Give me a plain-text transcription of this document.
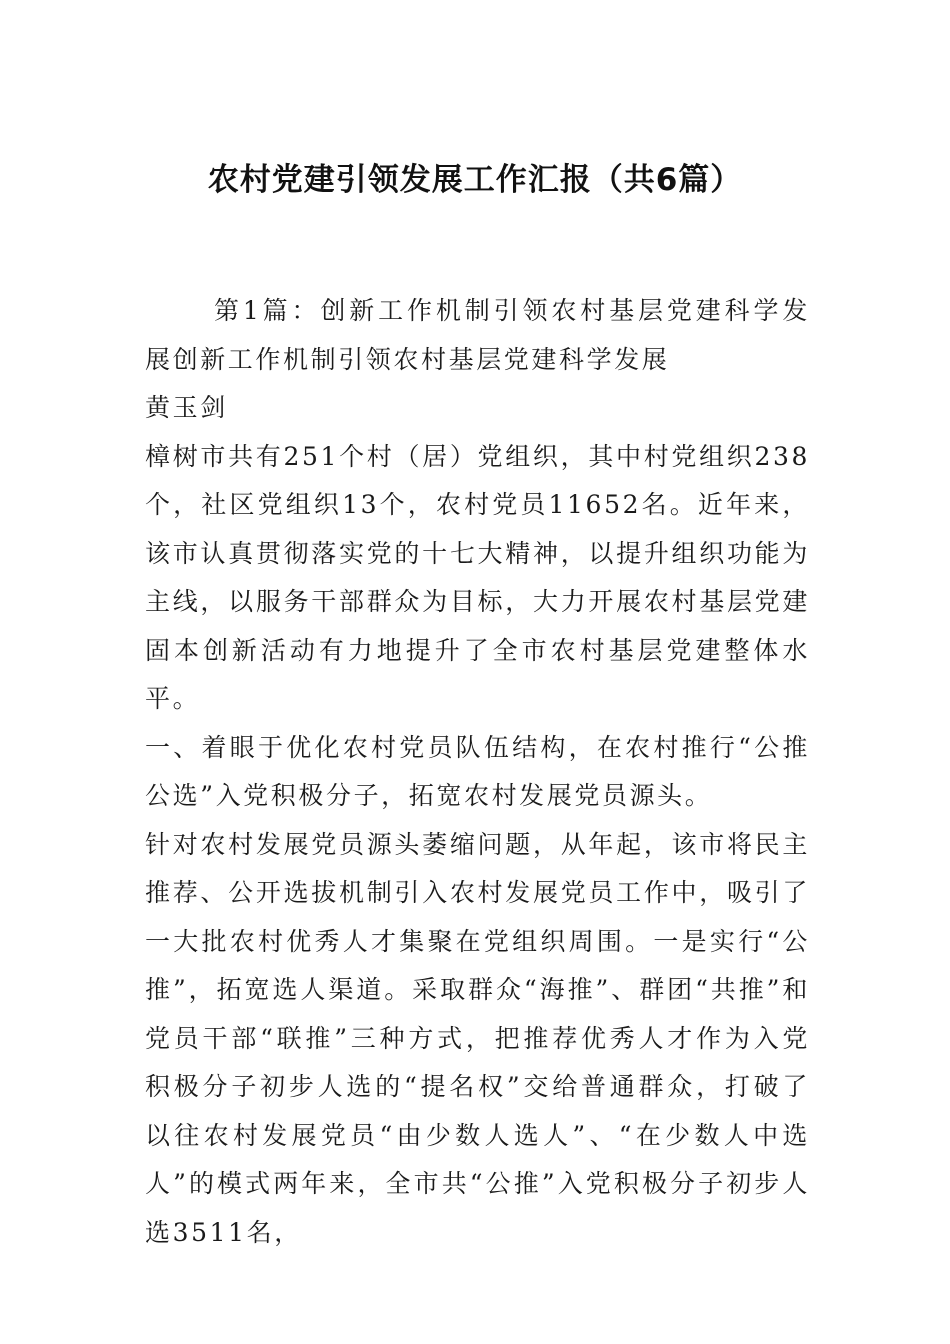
农村党建引领发展工作汇报（共6篇）

第1篇：创新工作机制引领农村基层党建科学发展创新工作机制引领农村基层党建科学发展

黄玉剑

樟树市共有251个村（居）党组织，其中村党组织238个，社区党组织13个，农村党员11652名。近年来，该市认真贯彻落实党的十七大精神，以提升组织功能为主线，以服务干部群众为目标，大力开展农村基层党建固本创新活动有力地提升了全市农村基层党建整体水平。

一、着眼于优化农村党员队伍结构，在农村推行“公推公选”入党积极分子，拓宽农村发展党员源头。

针对农村发展党员源头萎缩问题，从年起，该市将民主推荐、公开选拔机制引入农村发展党员工作中，吸引了一大批农村优秀人才集聚在党组织周围。一是实行“公推”，拓宽选人渠道。采取群众“海推”、群团“共推”和党员干部“联推”三种方式，把推荐优秀人才作为入党积极分子初步人选的“提名权”交给普通群众，打破了以往农村发展党员“由少数人选人”、“在少数人中选人”的模式两年来，全市共“公推”入党积极分子初步人选3511名，
